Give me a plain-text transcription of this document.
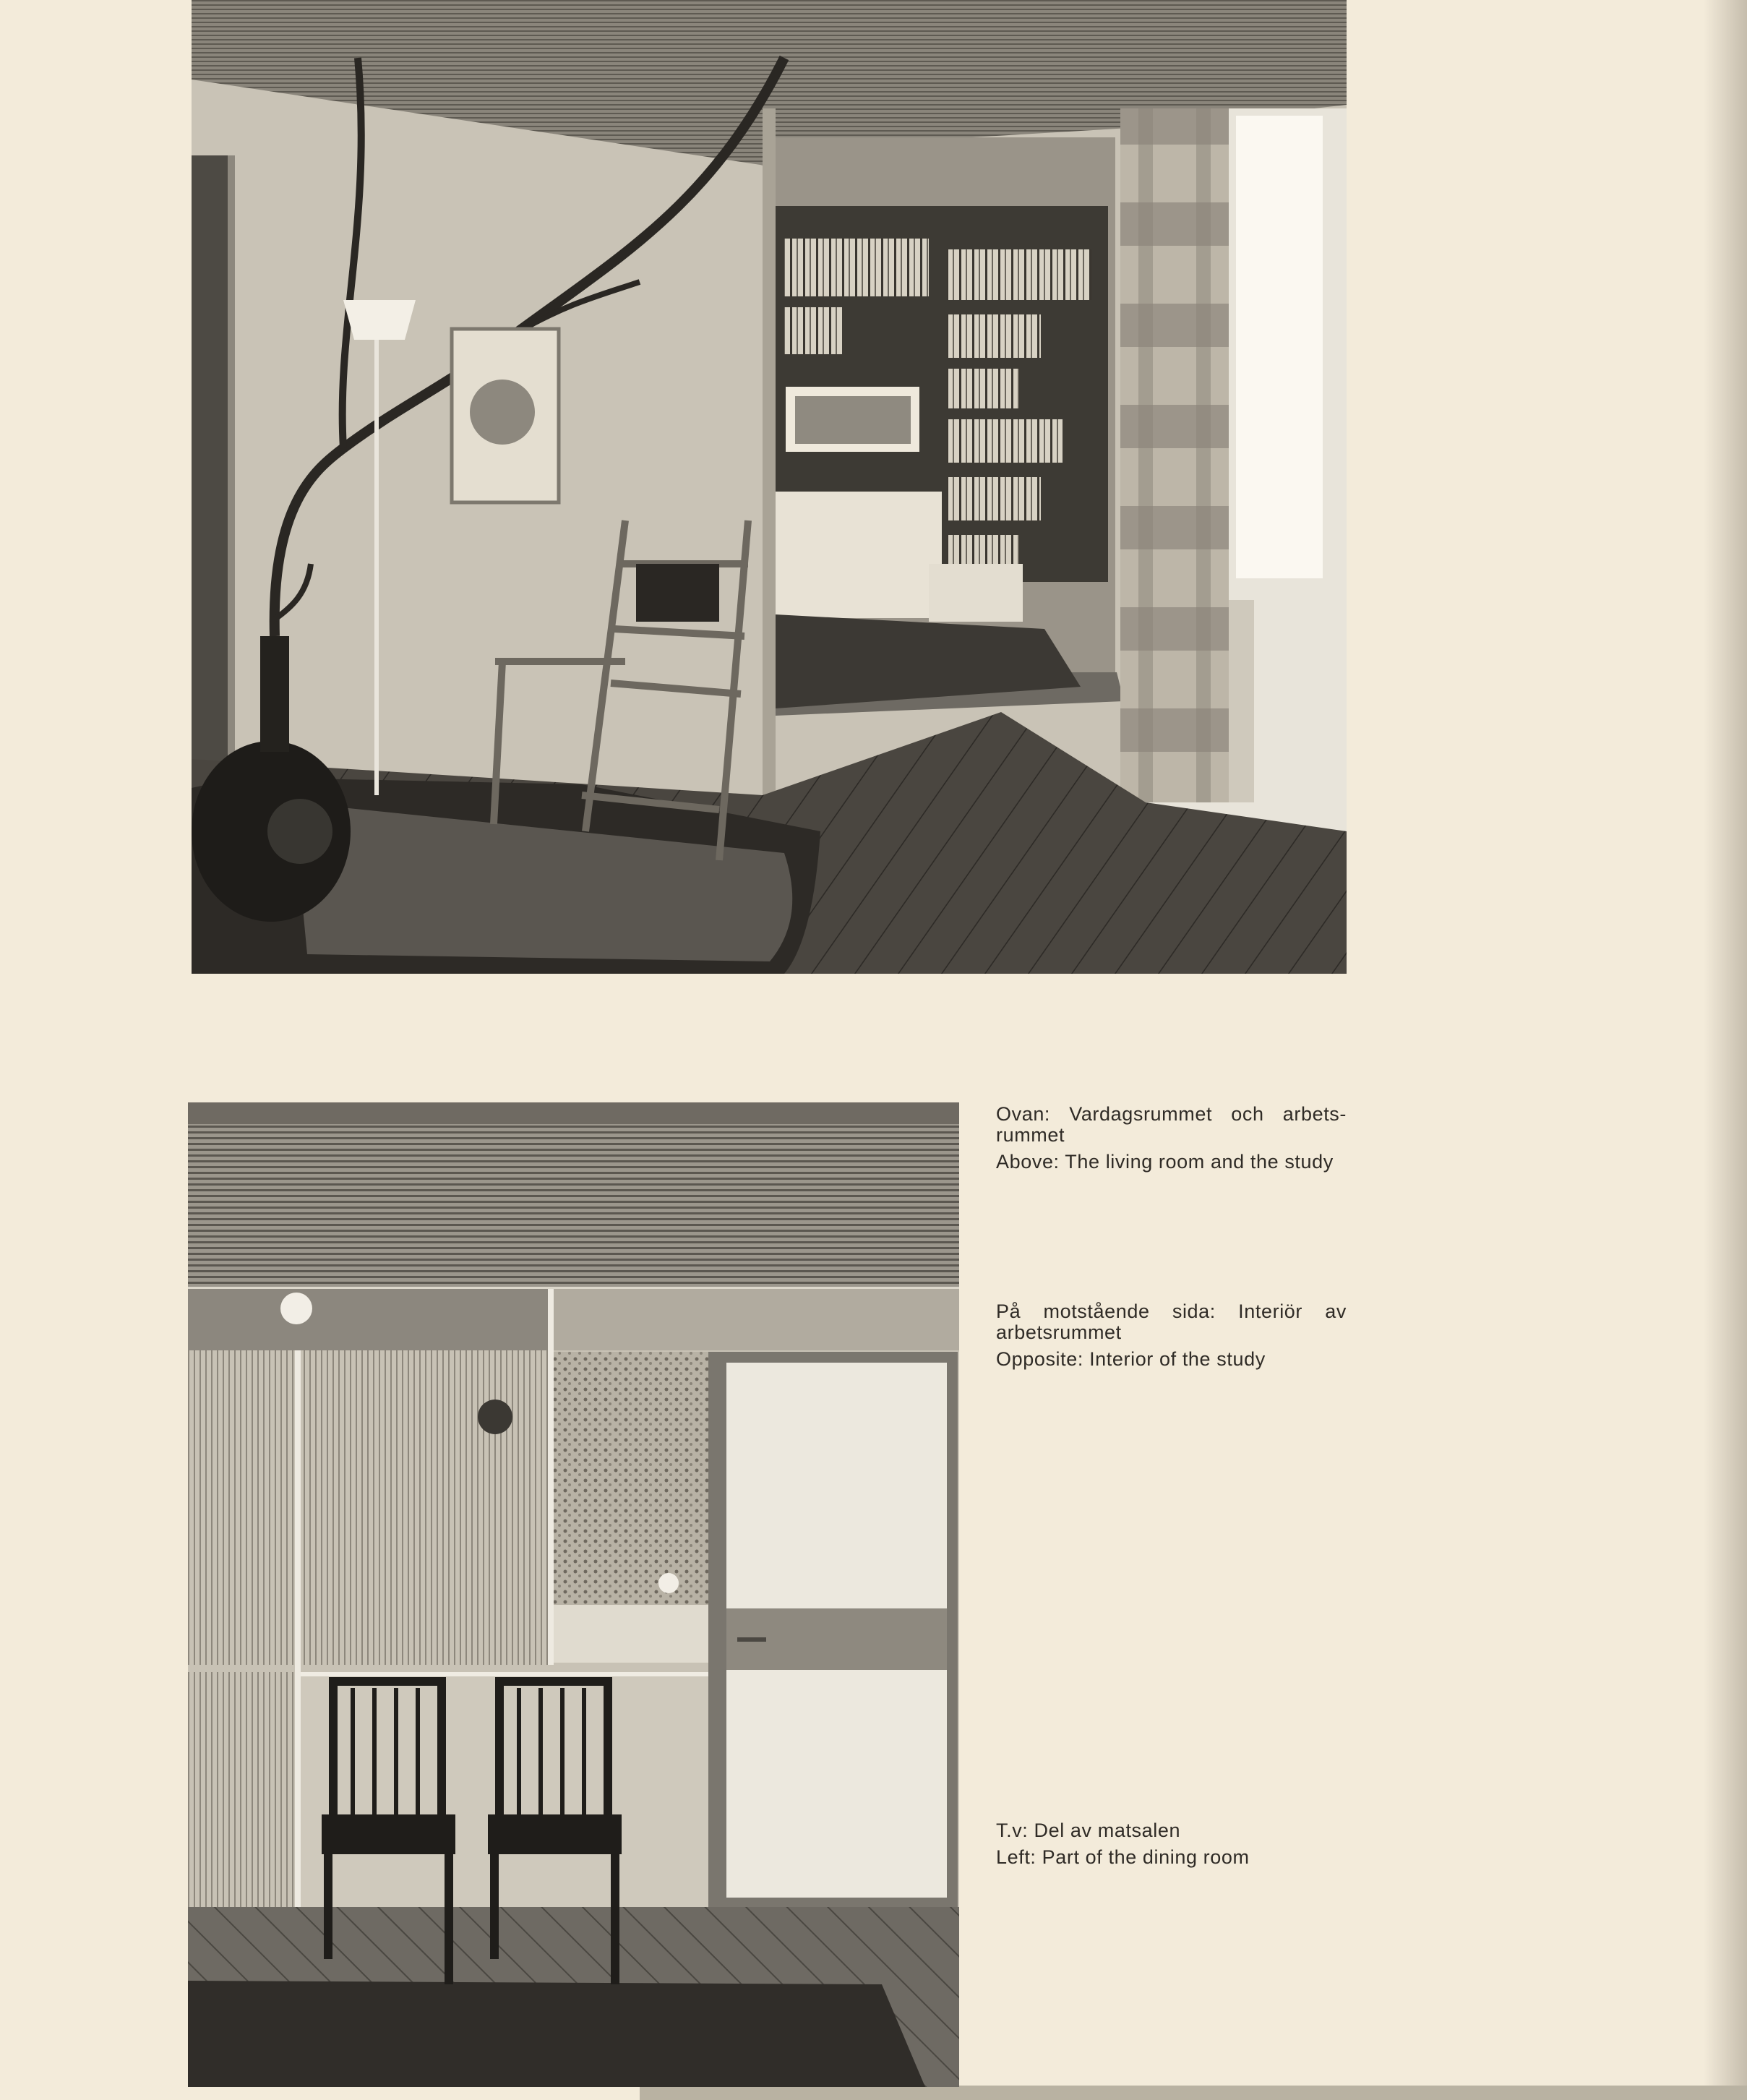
Ovan: Vardagsrummet och arbets-rummet

Above: The living room and the study

På motstående sida: Interiör av arbetsrummet

Opposite: Interior of the study

T.v: Del av matsalen

Left: Part of the dining room
